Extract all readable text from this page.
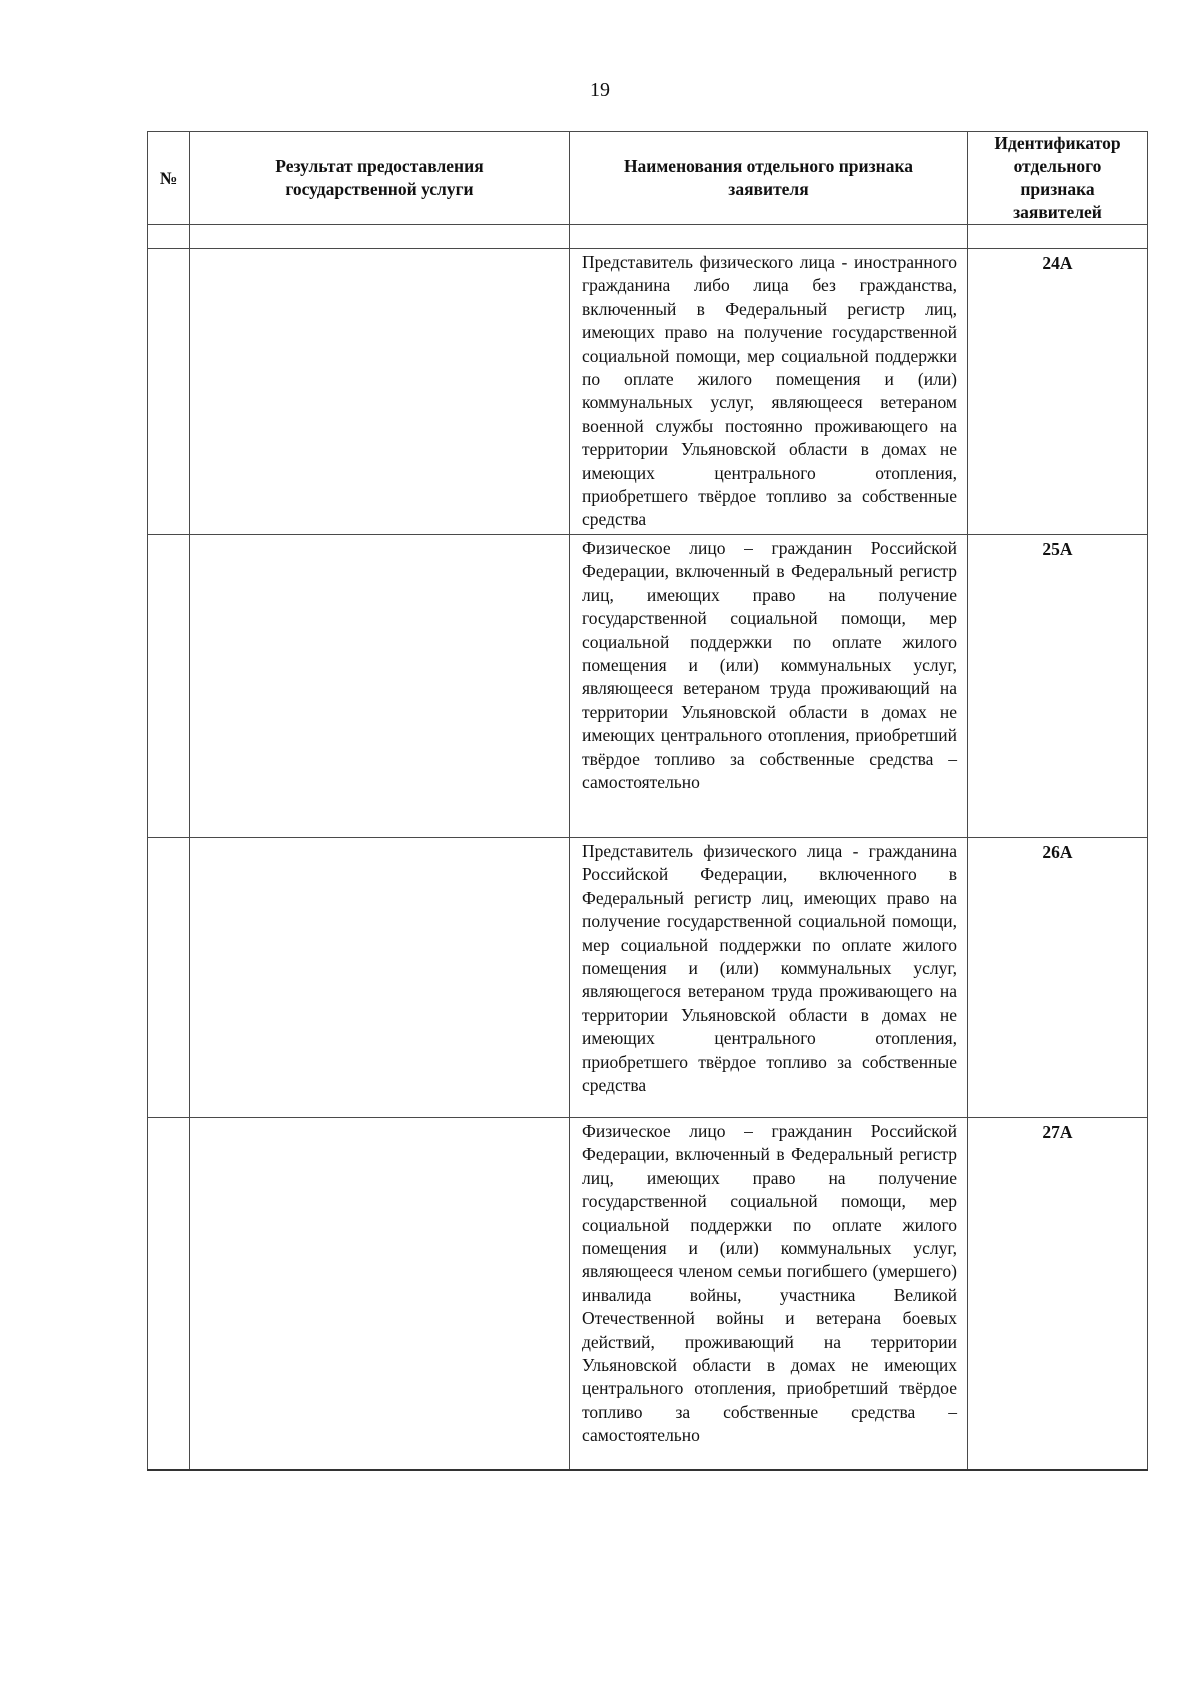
19
№	Результат предоставления государственной услуги	Наименования отдельного признака заявителя	Идентификатор отдельного признака заявителей

		Представитель физического лица - иностранного гражданина либо лица без гражданства, включенный в Федеральный регистр лиц, имеющих право на получение государственной социальной помощи, мер социальной поддержки по оплате жилого помещения и (или) коммунальных услуг, являющееся ветераном военной службы постоянно проживающего на территории Ульяновской области в домах не имеющих центрального отопления, приобретшего твёрдое топливо за собственные средства	24А
		Физическое лицо – гражданин Российской Федерации, включенный в Федеральный регистр лиц, имеющих право на получение государственной социальной помощи, мер социальной поддержки по оплате жилого помещения и (или) коммунальных услуг, являющееся ветераном труда проживающий на территории Ульяновской области в домах не имеющих центрального отопления, приобретший твёрдое топливо за собственные средства – самостоятельно	25А
		Представитель физического лица - гражданина Российской Федерации, включенного в Федеральный регистр лиц, имеющих право на получение государственной социальной помощи, мер социальной поддержки по оплате жилого помещения и (или) коммунальных услуг, являющегося ветераном труда проживающего на территории Ульяновской области в домах не имеющих центрального отопления, приобретшего твёрдое топливо за собственные средства	26А
		Физическое лицо – гражданин Российской Федерации, включенный в Федеральный регистр лиц, имеющих право на получение государственной социальной помощи, мер социальной поддержки по оплате жилого помещения и (или) коммунальных услуг, являющееся членом семьи погибшего (умершего) инвалида войны, участника Великой Отечественной войны и ветерана боевых действий, проживающий на территории Ульяновской области в домах не имеющих центрального отопления, приобретший твёрдое топливо за собственные средства – самостоятельно	27А
